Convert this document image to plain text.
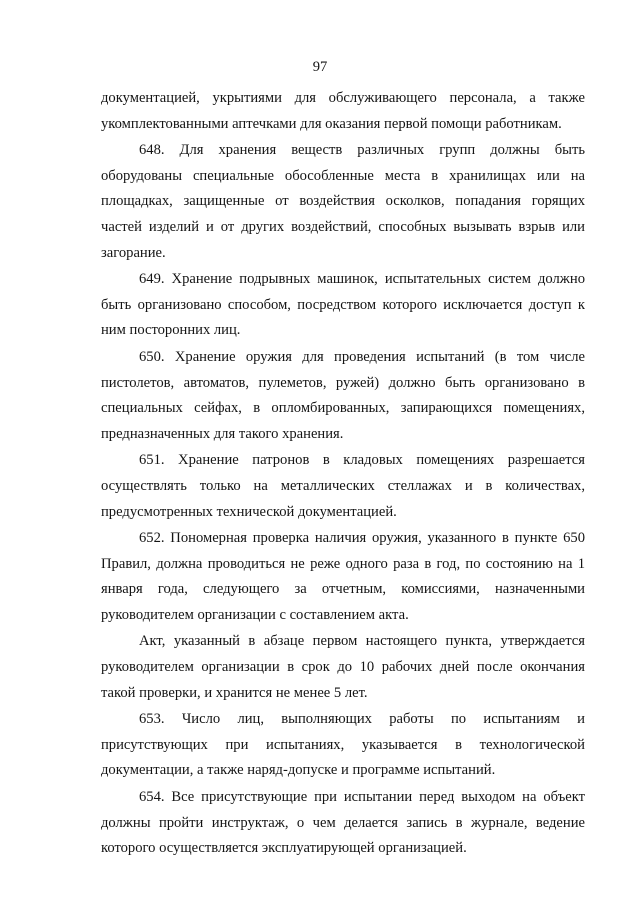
97

документацией, укрытиями для обслуживающего персонала, а также укомплектованными аптечками для оказания первой помощи работникам.

648. Для хранения веществ различных групп должны быть оборудованы специальные обособленные места в хранилищах или на площадках, защищенные от воздействия осколков, попадания горящих частей изделий и от других воздействий, способных вызывать взрыв или загорание.

649. Хранение подрывных машинок, испытательных систем должно быть организовано способом, посредством которого исключается доступ к ним посторонних лиц.

650. Хранение оружия для проведения испытаний (в том числе пистолетов, автоматов, пулеметов, ружей) должно быть организовано в специальных сейфах, в опломбированных, запирающихся помещениях, предназначенных для такого хранения.

651. Хранение патронов в кладовых помещениях разрешается осуществлять только на металлических стеллажах и в количествах, предусмотренных технической документацией.

652. Пономерная проверка наличия оружия, указанного в пункте 650 Правил, должна проводиться не реже одного раза в год, по состоянию на 1 января года, следующего за отчетным, комиссиями, назначенными руководителем организации с составлением акта.

Акт, указанный в абзаце первом настоящего пункта, утверждается руководителем организации в срок до 10 рабочих дней после окончания такой проверки, и хранится не менее 5 лет.

653. Число лиц, выполняющих работы по испытаниям и присутствующих при испытаниях, указывается в технологической документации, а также наряд-допуске и программе испытаний.

654. Все присутствующие при испытании перед выходом на объект должны пройти инструктаж, о чем делается запись в журнале, ведение которого осуществляется эксплуатирующей организацией.
